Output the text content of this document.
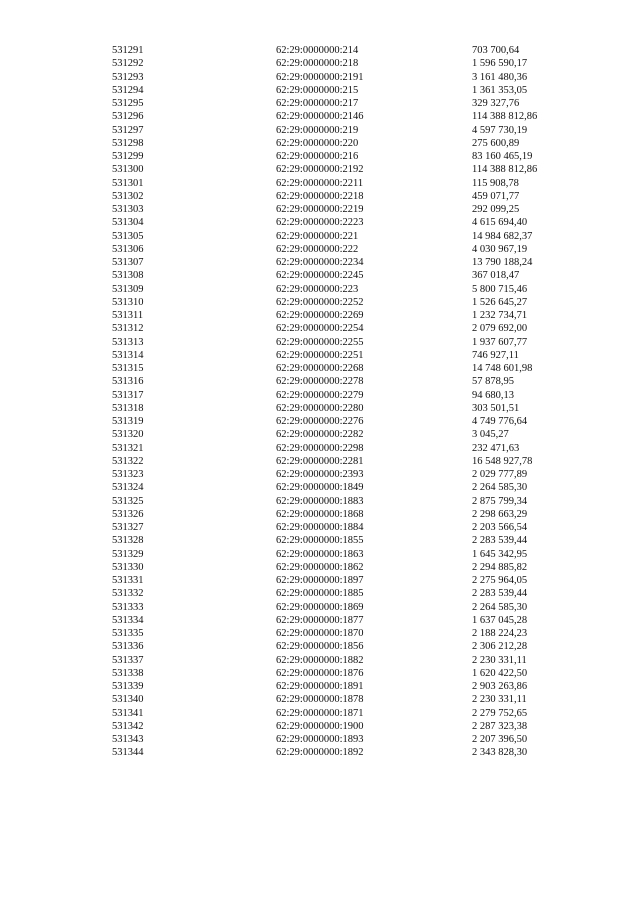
531291	62:29:0000000:214	703 700,64
531292	62:29:0000000:218	1 596 590,17
531293	62:29:0000000:2191	3 161 480,36
531294	62:29:0000000:215	1 361 353,05
531295	62:29:0000000:217	329 327,76
531296	62:29:0000000:2146	114 388 812,86
531297	62:29:0000000:219	4 597 730,19
531298	62:29:0000000:220	275 600,89
531299	62:29:0000000:216	83 160 465,19
531300	62:29:0000000:2192	114 388 812,86
531301	62:29:0000000:2211	115 908,78
531302	62:29:0000000:2218	459 071,77
531303	62:29:0000000:2219	292 099,25
531304	62:29:0000000:2223	4 615 694,40
531305	62:29:0000000:221	14 984 682,37
531306	62:29:0000000:222	4 030 967,19
531307	62:29:0000000:2234	13 790 188,24
531308	62:29:0000000:2245	367 018,47
531309	62:29:0000000:223	5 800 715,46
531310	62:29:0000000:2252	1 526 645,27
531311	62:29:0000000:2269	1 232 734,71
531312	62:29:0000000:2254	2 079 692,00
531313	62:29:0000000:2255	1 937 607,77
531314	62:29:0000000:2251	746 927,11
531315	62:29:0000000:2268	14 748 601,98
531316	62:29:0000000:2278	57 878,95
531317	62:29:0000000:2279	94 680,13
531318	62:29:0000000:2280	303 501,51
531319	62:29:0000000:2276	4 749 776,64
531320	62:29:0000000:2282	3 045,27
531321	62:29:0000000:2298	232 471,63
531322	62:29:0000000:2281	16 548 927,78
531323	62:29:0000000:2393	2 029 777,89
531324	62:29:0000000:1849	2 264 585,30
531325	62:29:0000000:1883	2 875 799,34
531326	62:29:0000000:1868	2 298 663,29
531327	62:29:0000000:1884	2 203 566,54
531328	62:29:0000000:1855	2 283 539,44
531329	62:29:0000000:1863	1 645 342,95
531330	62:29:0000000:1862	2 294 885,82
531331	62:29:0000000:1897	2 275 964,05
531332	62:29:0000000:1885	2 283 539,44
531333	62:29:0000000:1869	2 264 585,30
531334	62:29:0000000:1877	1 637 045,28
531335	62:29:0000000:1870	2 188 224,23
531336	62:29:0000000:1856	2 306 212,28
531337	62:29:0000000:1882	2 230 331,11
531338	62:29:0000000:1876	1 620 422,50
531339	62:29:0000000:1891	2 903 263,86
531340	62:29:0000000:1878	2 230 331,11
531341	62:29:0000000:1871	2 279 752,65
531342	62:29:0000000:1900	2 287 323,38
531343	62:29:0000000:1893	2 207 396,50
531344	62:29:0000000:1892	2 343 828,30
